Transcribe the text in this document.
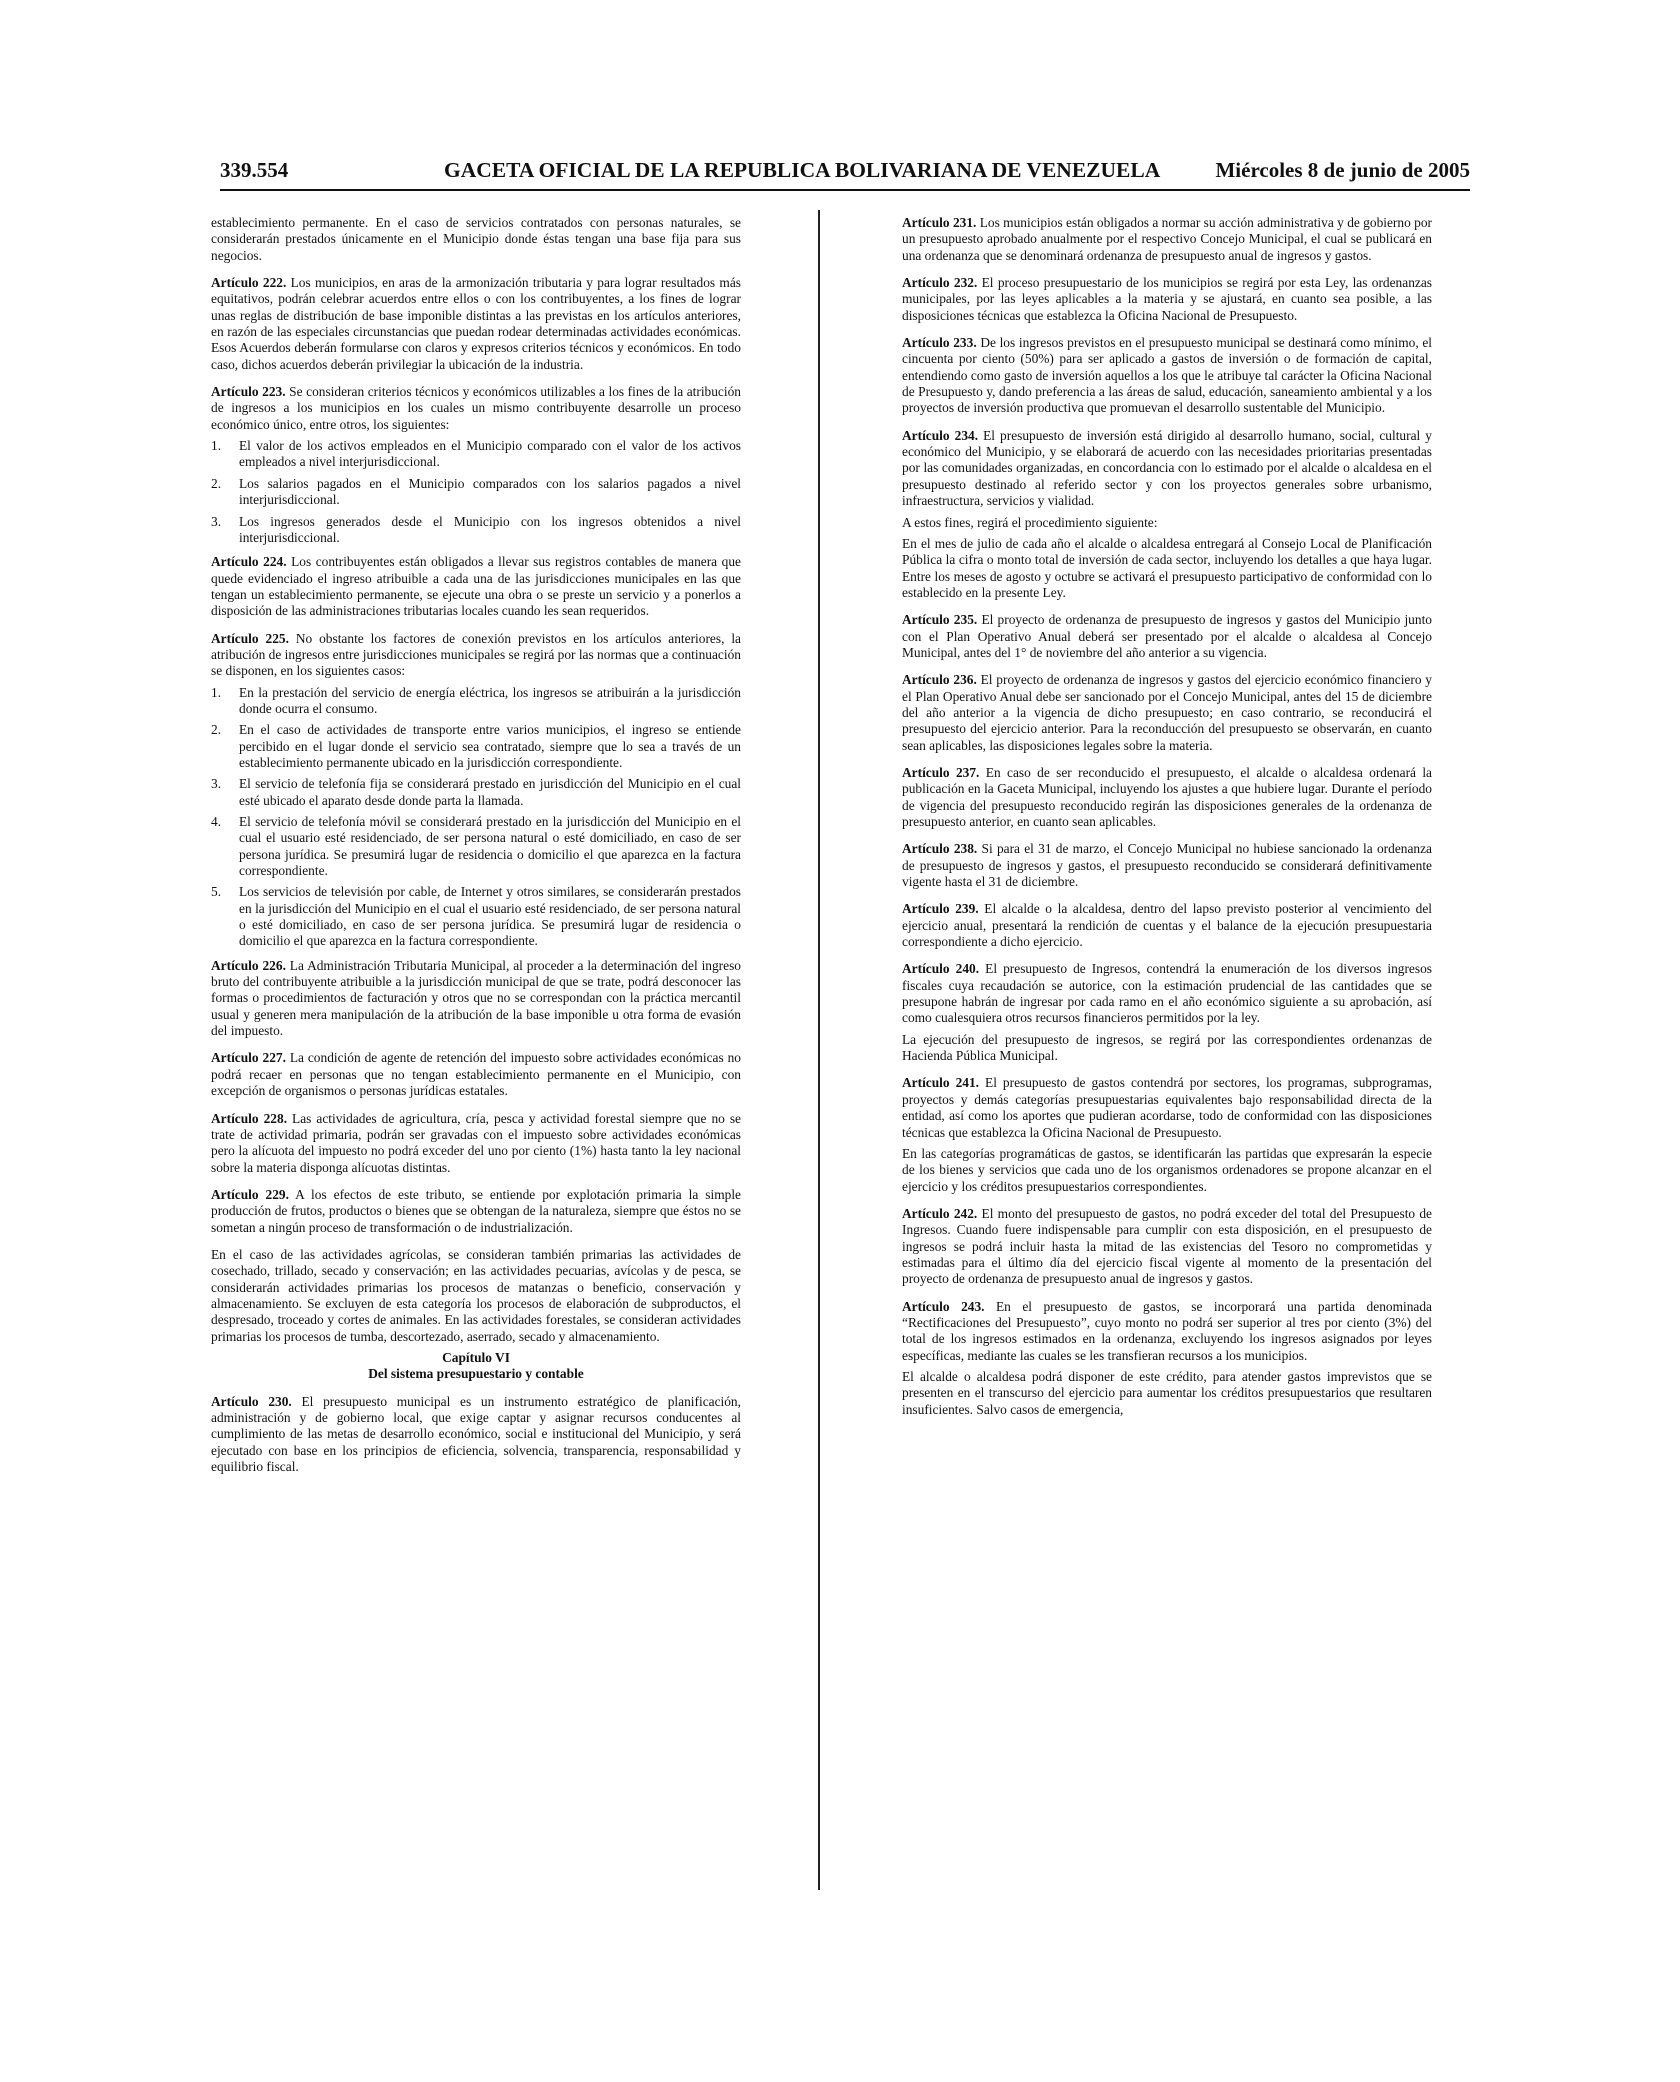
339.554	GACETA OFICIAL DE LA REPUBLICA BOLIVARIANA DE VENEZUELA	Miércoles 8 de junio de 2005

establecimiento permanente. En el caso de servicios contratados con personas naturales, se considerarán prestados únicamente en el Municipio donde éstas tengan una base fija para sus negocios.

Artículo 222. Los municipios, en aras de la armonización tributaria y para lograr resultados más equitativos, podrán celebrar acuerdos entre ellos o con los contribuyentes, a los fines de lograr unas reglas de distribución de base imponible distintas a las previstas en los artículos anteriores, en razón de las especiales circunstancias que puedan rodear determinadas actividades económicas. Esos Acuerdos deberán formularse con claros y expresos criterios técnicos y económicos. En todo caso, dichos acuerdos deberán privilegiar la ubicación de la industria.

Artículo 223. Se consideran criterios técnicos y económicos utilizables a los fines de la atribución de ingresos a los municipios en los cuales un mismo contribuyente desarrolle un proceso económico único, entre otros, los siguientes:

1. El valor de los activos empleados en el Municipio comparado con el valor de los activos empleados a nivel interjurisdiccional.
2. Los salarios pagados en el Municipio comparados con los salarios pagados a nivel interjurisdiccional.
3. Los ingresos generados desde el Municipio con los ingresos obtenidos a nivel interjurisdiccional.

Artículo 224. Los contribuyentes están obligados a llevar sus registros contables de manera que quede evidenciado el ingreso atribuible a cada una de las jurisdicciones municipales en las que tengan un establecimiento permanente, se ejecute una obra o se preste un servicio y a ponerlos a disposición de las administraciones tributarias locales cuando les sean requeridos.

Artículo 225. No obstante los factores de conexión previstos en los artículos anteriores, la atribución de ingresos entre jurisdicciones municipales se regirá por las normas que a continuación se disponen, en los siguientes casos:

1. En la prestación del servicio de energía eléctrica, los ingresos se atribuirán a la jurisdicción donde ocurra el consumo.
2. En el caso de actividades de transporte entre varios municipios, el ingreso se entiende percibido en el lugar donde el servicio sea contratado, siempre que lo sea a través de un establecimiento permanente ubicado en la jurisdicción correspondiente.
3. El servicio de telefonía fija se considerará prestado en jurisdicción del Municipio en el cual esté ubicado el aparato desde donde parta la llamada.
4. El servicio de telefonía móvil se considerará prestado en la jurisdicción del Municipio en el cual el usuario esté residenciado, de ser persona natural o esté domiciliado, en caso de ser persona jurídica. Se presumirá lugar de residencia o domicilio el que aparezca en la factura correspondiente.
5. Los servicios de televisión por cable, de Internet y otros similares, se considerarán prestados en la jurisdicción del Municipio en el cual el usuario esté residenciado, de ser persona natural o esté domiciliado, en caso de ser persona jurídica. Se presumirá lugar de residencia o domicilio el que aparezca en la factura correspondiente.

Artículo 226. La Administración Tributaria Municipal, al proceder a la determinación del ingreso bruto del contribuyente atribuible a la jurisdicción municipal de que se trate, podrá desconocer las formas o procedimientos de facturación y otros que no se correspondan con la práctica mercantil usual y generen mera manipulación de la atribución de la base imponible u otra forma de evasión del impuesto.

Artículo 227. La condición de agente de retención del impuesto sobre actividades económicas no podrá recaer en personas que no tengan establecimiento permanente en el Municipio, con excepción de organismos o personas jurídicas estatales.

Artículo 228. Las actividades de agricultura, cría, pesca y actividad forestal siempre que no se trate de actividad primaria, podrán ser gravadas con el impuesto sobre actividades económicas pero la alícuota del impuesto no podrá exceder del uno por ciento (1%) hasta tanto la ley nacional sobre la materia disponga alícuotas distintas.

Artículo 229. A los efectos de este tributo, se entiende por explotación primaria la simple producción de frutos, productos o bienes que se obtengan de la naturaleza, siempre que éstos no se sometan a ningún proceso de transformación o de industrialización.

En el caso de las actividades agrícolas, se consideran también primarias las actividades de cosechado, trillado, secado y conservación; en las actividades pecuarias, avícolas y de pesca, se considerarán actividades primarias los procesos de matanzas o beneficio, conservación y almacenamiento. Se excluyen de esta categoría los procesos de elaboración de subproductos, el despresado, troceado y cortes de animales. En las actividades forestales, se consideran actividades primarias los procesos de tumba, descortezado, aserrado, secado y almacenamiento.

Capítulo VI

Del sistema presupuestario y contable

Artículo 230. El presupuesto municipal es un instrumento estratégico de planificación, administración y de gobierno local, que exige captar y asignar recursos conducentes al cumplimiento de las metas de desarrollo económico, social e institucional del Municipio, y será ejecutado con base en los principios de eficiencia, solvencia, transparencia, responsabilidad y equilibrio fiscal.

Artículo 231. Los municipios están obligados a normar su acción administrativa y de gobierno por un presupuesto aprobado anualmente por el respectivo Concejo Municipal, el cual se publicará en una ordenanza que se denominará ordenanza de presupuesto anual de ingresos y gastos.

Artículo 232. El proceso presupuestario de los municipios se regirá por esta Ley, las ordenanzas municipales, por las leyes aplicables a la materia y se ajustará, en cuanto sea posible, a las disposiciones técnicas que establezca la Oficina Nacional de Presupuesto.

Artículo 233. De los ingresos previstos en el presupuesto municipal se destinará como mínimo, el cincuenta por ciento (50%) para ser aplicado a gastos de inversión o de formación de capital, entendiendo como gasto de inversión aquellos a los que le atribuye tal carácter la Oficina Nacional de Presupuesto y, dando preferencia a las áreas de salud, educación, saneamiento ambiental y a los proyectos de inversión productiva que promuevan el desarrollo sustentable del Municipio.

Artículo 234. El presupuesto de inversión está dirigido al desarrollo humano, social, cultural y económico del Municipio, y se elaborará de acuerdo con las necesidades prioritarias presentadas por las comunidades organizadas, en concordancia con lo estimado por el alcalde o alcaldesa en el presupuesto destinado al referido sector y con los proyectos generales sobre urbanismo, infraestructura, servicios y vialidad.

A estos fines, regirá el procedimiento siguiente:

En el mes de julio de cada año el alcalde o alcaldesa entregará al Consejo Local de Planificación Pública la cifra o monto total de inversión de cada sector, incluyendo los detalles a que haya lugar. Entre los meses de agosto y octubre se activará el presupuesto participativo de conformidad con lo establecido en la presente Ley.

Artículo 235. El proyecto de ordenanza de presupuesto de ingresos y gastos del Municipio junto con el Plan Operativo Anual deberá ser presentado por el alcalde o alcaldesa al Concejo Municipal, antes del 1° de noviembre del año anterior a su vigencia.

Artículo 236. El proyecto de ordenanza de ingresos y gastos del ejercicio económico financiero y el Plan Operativo Anual debe ser sancionado por el Concejo Municipal, antes del 15 de diciembre del año anterior a la vigencia de dicho presupuesto; en caso contrario, se reconducirá el presupuesto del ejercicio anterior. Para la reconducción del presupuesto se observarán, en cuanto sean aplicables, las disposiciones legales sobre la materia.

Artículo 237. En caso de ser reconducido el presupuesto, el alcalde o alcaldesa ordenará la publicación en la Gaceta Municipal, incluyendo los ajustes a que hubiere lugar. Durante el período de vigencia del presupuesto reconducido regirán las disposiciones generales de la ordenanza de presupuesto anterior, en cuanto sean aplicables.

Artículo 238. Si para el 31 de marzo, el Concejo Municipal no hubiese sancionado la ordenanza de presupuesto de ingresos y gastos, el presupuesto reconducido se considerará definitivamente vigente hasta el 31 de diciembre.

Artículo 239. El alcalde o la alcaldesa, dentro del lapso previsto posterior al vencimiento del ejercicio anual, presentará la rendición de cuentas y el balance de la ejecución presupuestaria correspondiente a dicho ejercicio.

Artículo 240. El presupuesto de Ingresos, contendrá la enumeración de los diversos ingresos fiscales cuya recaudación se autorice, con la estimación prudencial de las cantidades que se presupone habrán de ingresar por cada ramo en el año económico siguiente a su aprobación, así como cualesquiera otros recursos financieros permitidos por la ley.

La ejecución del presupuesto de ingresos, se regirá por las correspondientes ordenanzas de Hacienda Pública Municipal.

Artículo 241. El presupuesto de gastos contendrá por sectores, los programas, subprogramas, proyectos y demás categorías presupuestarias equivalentes bajo responsabilidad directa de la entidad, así como los aportes que pudieran acordarse, todo de conformidad con las disposiciones técnicas que establezca la Oficina Nacional de Presupuesto.

En las categorías programáticas de gastos, se identificarán las partidas que expresarán la especie de los bienes y servicios que cada uno de los organismos ordenadores se propone alcanzar en el ejercicio y los créditos presupuestarios correspondientes.

Artículo 242. El monto del presupuesto de gastos, no podrá exceder del total del Presupuesto de Ingresos. Cuando fuere indispensable para cumplir con esta disposición, en el presupuesto de ingresos se podrá incluir hasta la mitad de las existencias del Tesoro no comprometidas y estimadas para el último día del ejercicio fiscal vigente al momento de la presentación del proyecto de ordenanza de presupuesto anual de ingresos y gastos.

Artículo 243. En el presupuesto de gastos, se incorporará una partida denominada “Rectificaciones del Presupuesto”, cuyo monto no podrá ser superior al tres por ciento (3%) del total de los ingresos estimados en la ordenanza, excluyendo los ingresos asignados por leyes específicas, mediante las cuales se les transfieran recursos a los municipios.

El alcalde o alcaldesa podrá disponer de este crédito, para atender gastos imprevistos que se presenten en el transcurso del ejercicio para aumentar los créditos presupuestarios que resultaren insuficientes. Salvo casos de emergencia,
